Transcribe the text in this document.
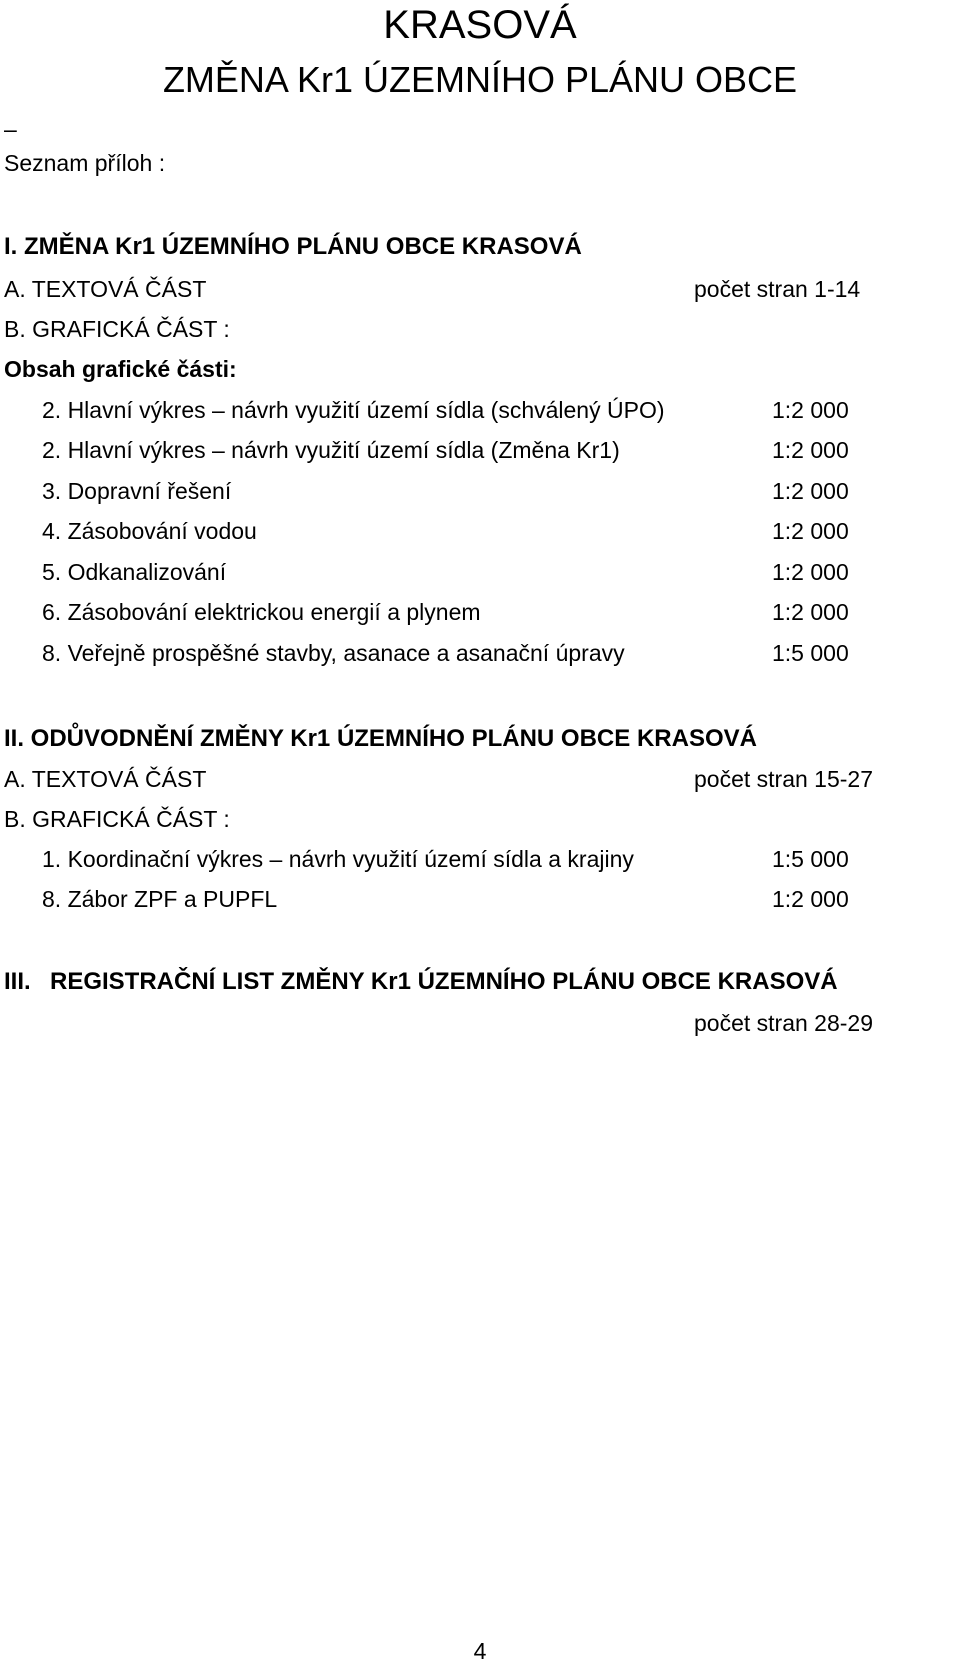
KRASOVÁ
ZMĚNA Kr1 ÚZEMNÍHO PLÁNU OBCE
–
Seznam příloh :
I. ZMĚNA Kr1 ÚZEMNÍHO PLÁNU OBCE KRASOVÁ
A. TEXTOVÁ ČÁST	počet stran 1-14
B. GRAFICKÁ ČÁST :
Obsah grafické části:
2. Hlavní výkres – návrh využití území sídla (schválený ÚPO)	1:2 000
2. Hlavní výkres – návrh využití území sídla (Změna Kr1)	1:2 000
3. Dopravní řešení	1:2 000
4. Zásobování vodou	1:2 000
5. Odkanalizování	1:2 000
6. Zásobování elektrickou energií a plynem	1:2 000
8. Veřejně prospěšné stavby, asanace a asanační úpravy	1:5 000
II. ODŮVODNĚNÍ ZMĚNY Kr1 ÚZEMNÍHO PLÁNU OBCE KRASOVÁ
A. TEXTOVÁ ČÁST	počet stran 15-27
B. GRAFICKÁ ČÁST :
1. Koordinační výkres – návrh využití území sídla a krajiny	1:5 000
8. Zábor ZPF a PUPFL	1:2 000
III. REGISTRAČNÍ LIST ZMĚNY Kr1 ÚZEMNÍHO PLÁNU OBCE KRASOVÁ
počet stran 28-29
4
